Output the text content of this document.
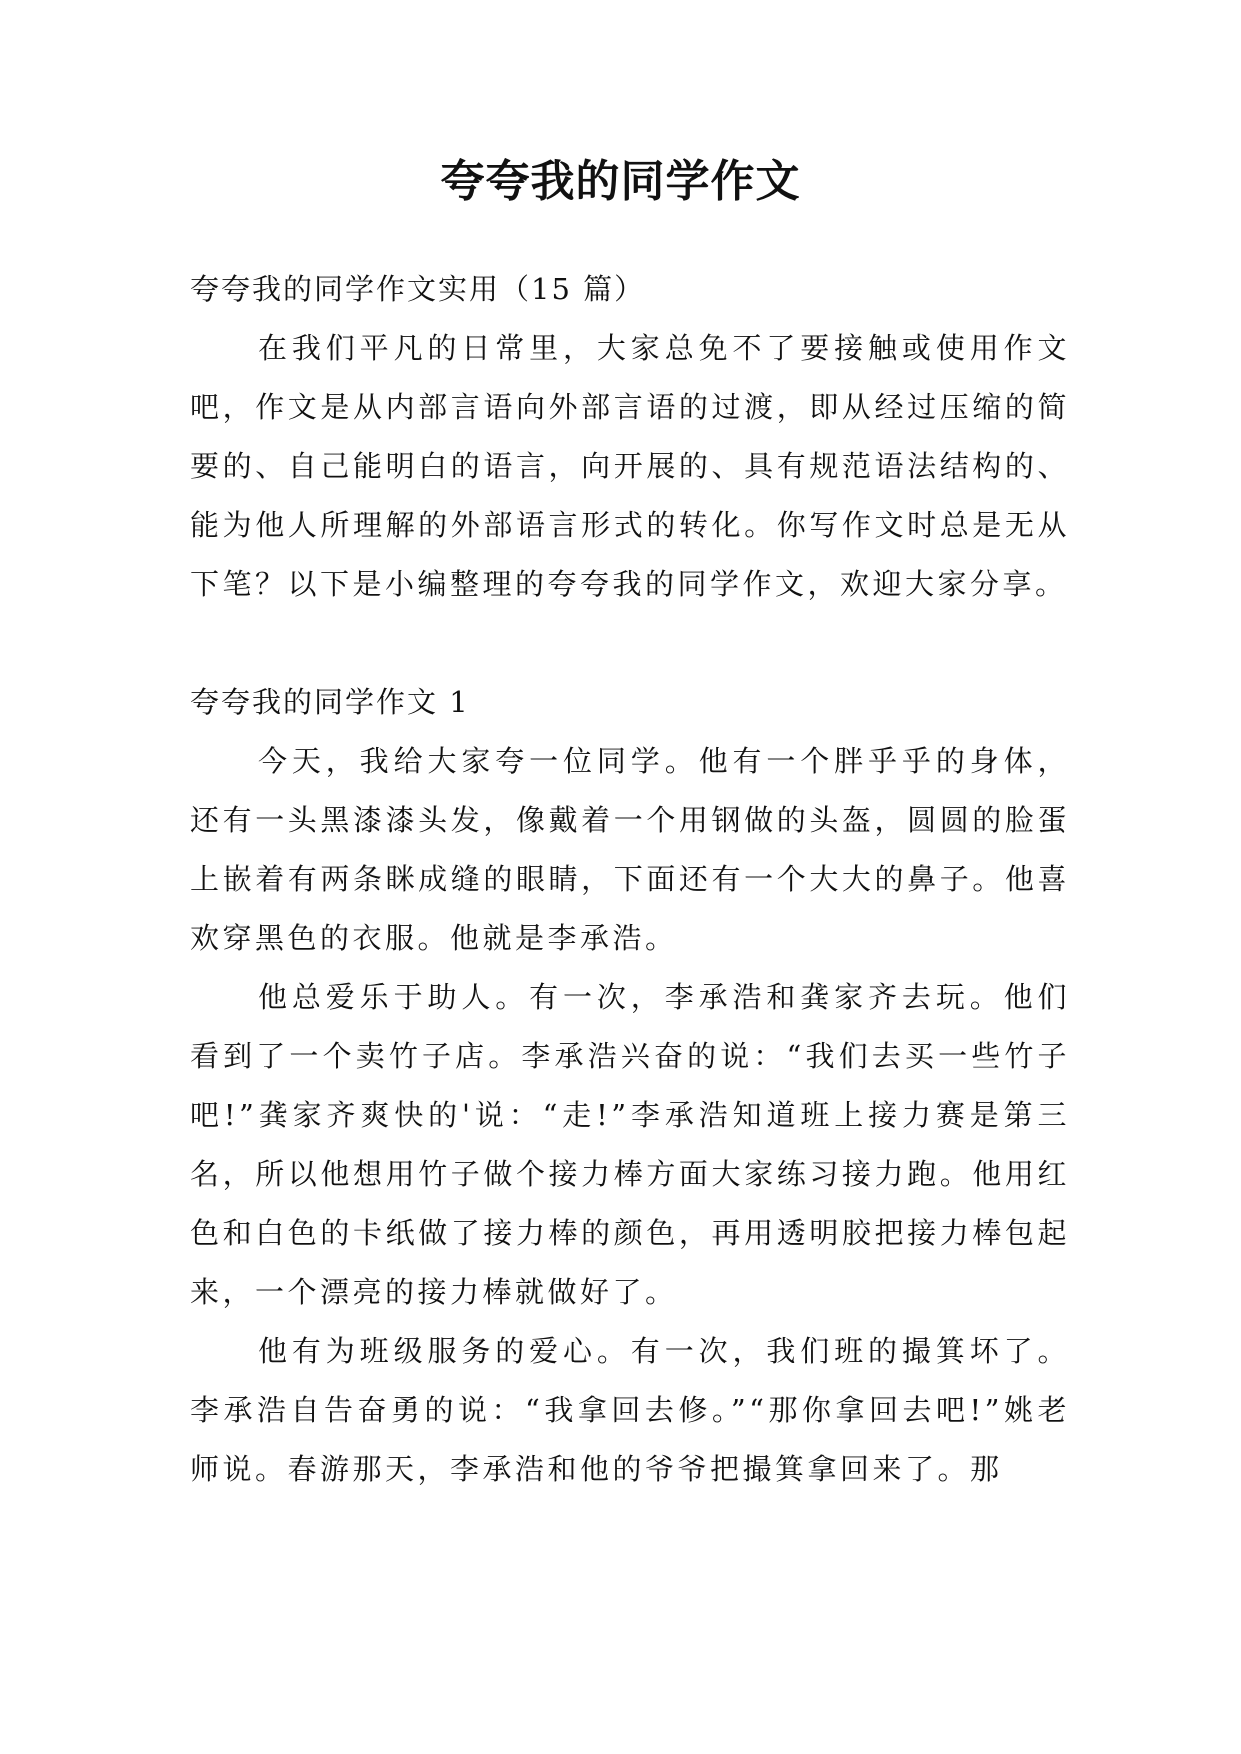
夸夸我的同学作文

夸夸我的同学作文实用（15 篇）

在我们平凡的日常里，大家总免不了要接触或使用作文吧，作文是从内部言语向外部言语的过渡，即从经过压缩的简要的、自己能明白的语言，向开展的、具有规范语法结构的、能为他人所理解的外部语言形式的转化。你写作文时总是无从下笔？以下是小编整理的夸夸我的同学作文，欢迎大家分享。

夸夸我的同学作文 1

今天，我给大家夸一位同学。他有一个胖乎乎的身体，还有一头黑漆漆头发，像戴着一个用钢做的头盔，圆圆的脸蛋上嵌着有两条眯成缝的眼睛，下面还有一个大大的鼻子。他喜欢穿黑色的衣服。他就是李承浩。

他总爱乐于助人。有一次，李承浩和龚家齐去玩。他们看到了一个卖竹子店。李承浩兴奋的说：“我们去买一些竹子吧!”龚家齐爽快的'说：“走!”李承浩知道班上接力赛是第三名，所以他想用竹子做个接力棒方面大家练习接力跑。他用红色和白色的卡纸做了接力棒的颜色，再用透明胶把接力棒包起来，一个漂亮的接力棒就做好了。

他有为班级服务的爱心。有一次，我们班的撮箕坏了。李承浩自告奋勇的说：“我拿回去修。”“那你拿回去吧!”姚老师说。春游那天，李承浩和他的爷爷把撮箕拿回来了。那
